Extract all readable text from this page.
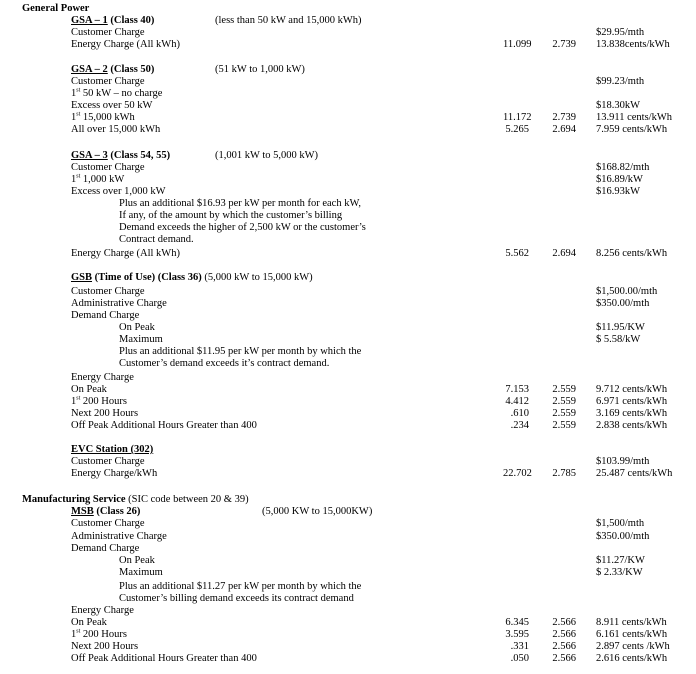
General Power
GSA – 1 (Class 40)	(less than 50 kW and 15,000 kWh)
Customer Charge	$29.95/mth
Energy Charge (All kWh)	11.099	2.739 13.838cents/kWh
GSA – 2 (Class 50)	(51 kW to 1,000 kW)
Customer Charge	$99.23/mth
1st 50 kW – no charge
Excess over 50 kW	$18.30kW
1st 15,000 kWh	11.172	2.739 13.911 cents/kWh
All over 15,000 kWh	5.265	2.694 7.959 cents/kWh
GSA – 3 (Class 54, 55)	(1,001 kW to 5,000 kW)
Customer Charge	$168.82/mth
1st 1,000 kW	$16.89/kW
Excess over 1,000 kW	$16.93kW
Plus an additional $16.93 per kW per month for each kW,
If any, of the amount by which the customer’s billing
Demand exceeds the higher of 2,500 kW or the customer’s
Contract demand.
Energy Charge (All kWh)	5.562	2.694 8.256 cents/kWh
GSB (Time of Use) (Class 36) (5,000 kW to 15,000 kW)
Customer Charge	$1,500.00/mth
Administrative Charge	$350.00/mth
Demand Charge
On Peak	$11.95/KW
Maximum	$ 5.58/kW
Plus an additional $11.95 per kW per month by which the
Customer’s demand exceeds it’s contract demand.
Energy Charge
On Peak	7.153	2.559 9.712 cents/kWh
1st 200 Hours	4.412	2.559 6.971 cents/kWh
Next 200 Hours	.610	2.559 3.169 cents/kWh
Off Peak Additional Hours Greater than 400	.234	2.559 2.838 cents/kWh
EVC Station (302)
Customer Charge	$103.99/mth
Energy Charge/kWh	22.702	2.785 25.487 cents/kWh
Manufacturing Service (SIC code between 20 & 39)
MSB (Class 26)	(5,000 KW to 15,000KW)
Customer Charge	$1,500/mth
Administrative Charge	$350.00/mth
Demand Charge
On Peak	$11.27/KW
Maximum	$ 2.33/KW
Plus an additional $11.27 per kW per month by which the
Customer’s billing demand exceeds its contract demand
Energy Charge
On Peak	6.345	2.566 8.911 cents/kWh
1st 200 Hours	3.595	2.566 6.161 cents/kWh
Next 200 Hours	.331	2.566 2.897 cents /kWh
Off Peak Additional Hours Greater than 400	.050	2.566 2.616 cents/kWh
